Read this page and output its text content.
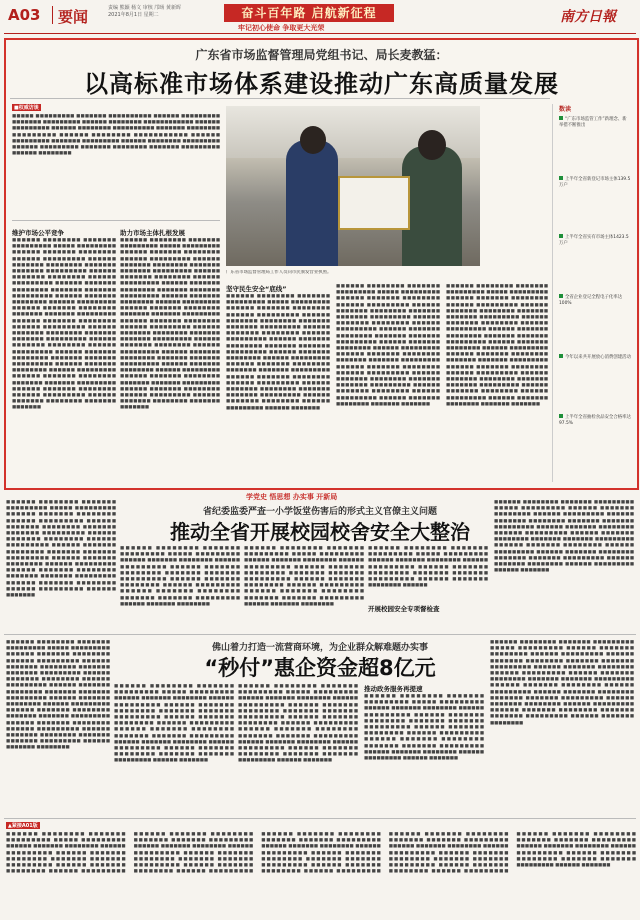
A03 要闻	责编 熊颖 杨文 审核 邝旸 黄新晖
2021年8月1日 星期二	奋斗百年路 启航新征程
牢记初心使命 争取更大光荣
南方日報
广东省市场监督管理局党组书记、局长麦教猛：
以高标准市场体系建设推动广东高质量发展
■权威访谈
■■■■■ ■■■■■■■■■ ■■■■■■■ ■■■■■■■■■■ ■■■■■■ ■■■■■■■■■ ■■■■■■■ ■■■■■■■■■ ■■■■■■ ■■■■■■■■ ■■■■■■■■■■■■ ■■■■■■ ■■■■■■■■■ ■■■■■■ ■■■■■■■■ ■■■■■■■■■■ ■■■■■■■ ■■■■■■■■ ■■■■■■■■■ ■■■■■■ ■■■■■■■■ ■■■■■■■■■■■ ■■■■■■ ■■■■■■■■■ ■■■■■■■ ■■■■■■■■■ ■■■■■■ ■■■■■■■■ ■■■■■■■■■ ■■■■■■ ■■■■■■■■■ ■■■■■■■ ■■■■■■■■ ■■■■■■■ ■■■■■■■■■ ■■■■■■ ■■■■■■■■
广东省市场监督管理局工作人员向市民颁发营业执照。
数读
“广东市场监管工作”新理念、新举措不断推出
上半年全省新登记市场主体139.5万户
上半年全省实有市场主体1423.5万户
全省企业登记全程电子化率达100%
今年以来共开展放心消费创建活动
上半年全省抽检食品安全合格率达97.5%
维护市场公平竞争
■■■■■■ ■■■■■■■■ ■■■■■■■ ■■■■■■■■■ ■■■■■ ■■■■■■■■■ ■■■■■■ ■■■■■■■ ■■■■■■■■ ■■■■■■ ■■■■■■■■■ ■■■■■■ ■■■■■■■ ■■■■■■■■ ■■■■■■■ ■■■■■■■ ■■■■■■■■■ ■■■■■■ ■■■■■■■ ■■■■■■■■ ■■■■■■ ■■■■■■■■■ ■■■■■■ ■■■■■■■ ■■■■■■■■ ■■■■■■■ ■■■■■■■ ■■■■■■■■■ ■■■■■■ ■■■■■■■ ■■■■■■■■ ■■■■■■ ■■■■■■■■■ ■■■■■■ ■■■■■■■ ■■■■■■■■ ■■■■■■■ ■■■■■■■ ■■■■■■■■■ ■■■■■■ ■■■■■■■ ■■■■■■■■ ■■■■■■ ■■■■■■■■■ ■■■■■■ ■■■■■■■ ■■■■■■■■ ■■■■■■■ ■■■■■■■ ■■■■■■■■■ ■■■■■■ ■■■■■■■ ■■■■■■■■ ■■■■■■ ■■■■■■■■■ ■■■■■■ ■■■■■■■ ■■■■■■■■ ■■■■■■■ ■■■■■■■ ■■■■■■■■■ ■■■■■■ ■■■■■■■ ■■■■■■■■ ■■■■■■ ■■■■■■■■■ ■■■■■■ ■■■■■■■ ■■■■■■■■ ■■■■■■■ ■■■■■■■ ■■■■■■■■■ ■■■■■■ ■■■■■■■ ■■■■■■■■ ■■■■■■ ■■■■■■■■■ ■■■■■■ ■■■■■■■ ■■■■■■■■ ■■■■■■■ ■■■■■■■
助力市场主体扎根发展
■■■■■■ ■■■■■■■■ ■■■■■■■ ■■■■■■■■■ ■■■■■ ■■■■■■■■■ ■■■■■■ ■■■■■■■ ■■■■■■■■ ■■■■■■ ■■■■■■■■■ ■■■■■■ ■■■■■■■ ■■■■■■■■ ■■■■■■■ ■■■■■■■ ■■■■■■■■■ ■■■■■■ ■■■■■■■ ■■■■■■■■ ■■■■■■ ■■■■■■■■■ ■■■■■■ ■■■■■■■ ■■■■■■■■ ■■■■■■■ ■■■■■■■ ■■■■■■■■■ ■■■■■■ ■■■■■■■ ■■■■■■■■ ■■■■■■ ■■■■■■■■■ ■■■■■■ ■■■■■■■ ■■■■■■■■ ■■■■■■■ ■■■■■■■ ■■■■■■■■■ ■■■■■■ ■■■■■■■ ■■■■■■■■ ■■■■■■ ■■■■■■■■■ ■■■■■■ ■■■■■■■ ■■■■■■■■ ■■■■■■■ ■■■■■■■ ■■■■■■■■■ ■■■■■■ ■■■■■■■ ■■■■■■■■ ■■■■■■ ■■■■■■■■■ ■■■■■■ ■■■■■■■ ■■■■■■■■ ■■■■■■■ ■■■■■■■ ■■■■■■■■■ ■■■■■■ ■■■■■■■ ■■■■■■■■ ■■■■■■ ■■■■■■■■■ ■■■■■■ ■■■■■■■ ■■■■■■■■ ■■■■■■■ ■■■■■■■ ■■■■■■■■■ ■■■■■■ ■■■■■■■ ■■■■■■■■ ■■■■■■ ■■■■■■■■■ ■■■■■■ ■■■■■■■ ■■■■■■■■ ■■■■■■■ ■■■■■■■
坚守民生安全“底线”
■■■■■■ ■■■■■■■■ ■■■■■■■ ■■■■■■■■■ ■■■■■ ■■■■■■■■■ ■■■■■■ ■■■■■■■ ■■■■■■■■ ■■■■■■ ■■■■■■■■■ ■■■■■■ ■■■■■■■ ■■■■■■■■ ■■■■■■■ ■■■■■■■ ■■■■■■■■■ ■■■■■■ ■■■■■■■ ■■■■■■■■ ■■■■■■ ■■■■■■■■■ ■■■■■■ ■■■■■■■ ■■■■■■■■ ■■■■■■■ ■■■■■■■ ■■■■■■■■■ ■■■■■■ ■■■■■■■ ■■■■■■■■ ■■■■■■ ■■■■■■■■■ ■■■■■■ ■■■■■■■ ■■■■■■■■ ■■■■■■■ ■■■■■■■ ■■■■■■■■■ ■■■■■■ ■■■■■■■ ■■■■■■■■ ■■■■■■ ■■■■■■■■■ ■■■■■■ ■■■■■■■ ■■■■■■■■ ■■■■■■■ ■■■■■■■ ■■■■■■■■■ ■■■■■■ ■■■■■■■ ■■■■■■■■ ■■■■■■ ■■■■■■■■■ ■■■■■■ ■■■■■■■
■■■■■■ ■■■■■■■■ ■■■■■■■ ■■■■■■■■■ ■■■■■ ■■■■■■■■■ ■■■■■■ ■■■■■■■ ■■■■■■■■ ■■■■■■ ■■■■■■■■■ ■■■■■■ ■■■■■■■ ■■■■■■■■ ■■■■■■■ ■■■■■■■ ■■■■■■■■■ ■■■■■■ ■■■■■■■ ■■■■■■■■ ■■■■■■ ■■■■■■■■■ ■■■■■■ ■■■■■■■ ■■■■■■■■ ■■■■■■■ ■■■■■■■ ■■■■■■■■■ ■■■■■■ ■■■■■■■ ■■■■■■■■ ■■■■■■ ■■■■■■■■■ ■■■■■■ ■■■■■■■ ■■■■■■■■ ■■■■■■■ ■■■■■■■ ■■■■■■■■■ ■■■■■■ ■■■■■■■ ■■■■■■■■ ■■■■■■ ■■■■■■■■■ ■■■■■■ ■■■■■■■ ■■■■■■■■ ■■■■■■■ ■■■■■■■ ■■■■■■■■■ ■■■■■■ ■■■■■■■ ■■■■■■■■ ■■■■■■ ■■■■■■■■■ ■■■■■■ ■■■■■■■ ■■■■■■■■ ■■■■■■■ ■■■■■■■
■■■■■■ ■■■■■■■■ ■■■■■■■ ■■■■■■■■■ ■■■■■ ■■■■■■■■■ ■■■■■■ ■■■■■■■ ■■■■■■■■ ■■■■■■ ■■■■■■■■■ ■■■■■■ ■■■■■■■ ■■■■■■■■ ■■■■■■■ ■■■■■■■ ■■■■■■■■■ ■■■■■■ ■■■■■■■ ■■■■■■■■ ■■■■■■ ■■■■■■■■■ ■■■■■■ ■■■■■■■ ■■■■■■■■ ■■■■■■■ ■■■■■■■ ■■■■■■■■■ ■■■■■■ ■■■■■■■ ■■■■■■■■ ■■■■■■ ■■■■■■■■■ ■■■■■■ ■■■■■■■ ■■■■■■■■ ■■■■■■■ ■■■■■■■ ■■■■■■■■■ ■■■■■■ ■■■■■■■ ■■■■■■■■ ■■■■■■ ■■■■■■■■■ ■■■■■■ ■■■■■■■ ■■■■■■■■ ■■■■■■■ ■■■■■■■ ■■■■■■■■■ ■■■■■■ ■■■■■■■ ■■■■■■■■ ■■■■■■ ■■■■■■■■■ ■■■■■■ ■■■■■■■ ■■■■■■■■ ■■■■■■■ ■■■■■■■
学党史 悟思想 办实事 开新局
省纪委监委严查一小学饭堂伤害后的形式主义官僚主义问题
推动全省开展校园校舍安全大整治
■■■■■■ ■■■■■■■■ ■■■■■■■ ■■■■■■■■■ ■■■■■ ■■■■■■■■■ ■■■■■■ ■■■■■■■ ■■■■■■■■ ■■■■■■ ■■■■■■■■■ ■■■■■■ ■■■■■■■ ■■■■■■■■ ■■■■■■■ ■■■■■■■ ■■■■■■■■■ ■■■■■■ ■■■■■■■ ■■■■■■■■ ■■■■■■ ■■■■■■■■■ ■■■■■■ ■■■■■■■ ■■■■■■■■ ■■■■■■■ ■■■■■■■ ■■■■■■■■■ ■■■■■■ ■■■■■■■ ■■■■■■■■ ■■■■■■ ■■■■■■■■■ ■■■■■■ ■■■■■■■ ■■■■■■■■ ■■■■■■■ ■■■■■■■ ■■■■■■■■■ ■■■■■■ ■■■■■■■ ■■■■■■■■ ■■■■■■ ■■■■■■■■■ ■■■■■■ ■■■■■■■
■■■■■■ ■■■■■■■■ ■■■■■■■ ■■■■■■■■■ ■■■■■ ■■■■■■■■■ ■■■■■■ ■■■■■■■ ■■■■■■■■ ■■■■■■ ■■■■■■■■■ ■■■■■■ ■■■■■■■ ■■■■■■■■ ■■■■■■■ ■■■■■■■ ■■■■■■■■■ ■■■■■■ ■■■■■■■ ■■■■■■■■ ■■■■■■ ■■■■■■■■■ ■■■■■■ ■■■■■■■ ■■■■■■■■ ■■■■■■■ ■■■■■■■ ■■■■■■■■■ ■■■■■■ ■■■■■■■ ■■■■■■■■
■■■■■■ ■■■■■■■■ ■■■■■■■ ■■■■■■■■■ ■■■■■ ■■■■■■■■■ ■■■■■■ ■■■■■■■ ■■■■■■■■ ■■■■■■ ■■■■■■■■■ ■■■■■■ ■■■■■■■ ■■■■■■■■ ■■■■■■■ ■■■■■■■ ■■■■■■■■■ ■■■■■■ ■■■■■■■ ■■■■■■■■ ■■■■■■ ■■■■■■■■■ ■■■■■■ ■■■■■■■ ■■■■■■■■ ■■■■■■■ ■■■■■■■ ■■■■■■■■■ ■■■■■■ ■■■■■■■ ■■■■■■■■
开展校园安全专项督检查
■■■■■■ ■■■■■■■■ ■■■■■■■ ■■■■■■■■■ ■■■■■ ■■■■■■■■■ ■■■■■■ ■■■■■■■ ■■■■■■■■ ■■■■■■ ■■■■■■■■■ ■■■■■■ ■■■■■■■ ■■■■■■■■ ■■■■■■■ ■■■■■■■ ■■■■■■■■■ ■■■■■■ ■■■■■■■ ■■■■■■■■ ■■■■■■
■■■■■■ ■■■■■■■■ ■■■■■■■ ■■■■■■■■■ ■■■■■ ■■■■■■■■■ ■■■■■■ ■■■■■■■ ■■■■■■■■ ■■■■■■ ■■■■■■■■■ ■■■■■■ ■■■■■■■ ■■■■■■■■ ■■■■■■■ ■■■■■■■ ■■■■■■■■■ ■■■■■■ ■■■■■■■ ■■■■■■■■ ■■■■■■ ■■■■■■■■■ ■■■■■■ ■■■■■■■ ■■■■■■■■ ■■■■■■■ ■■■■■■■ ■■■■■■■■■ ■■■■■■ ■■■■■■■ ■■■■■■■■ ■■■■■■ ■■■■■■■■■ ■■■■■■ ■■■■■■■ ■■■■■■■■ ■■■■■■■ ■■■■■■■ ■■■■■■■■■ ■■■■■■ ■■■■■■■ ■■■■■■■■ ■■■■■■ ■■■■■■■■■ ■■■■■■ ■■■■■■■
佛山着力打造一流营商环境，为企业群众解难题办实事
“秒付”惠企资金超8亿元
■■■■■■ ■■■■■■■■ ■■■■■■■ ■■■■■■■■■ ■■■■■ ■■■■■■■■■ ■■■■■■ ■■■■■■■ ■■■■■■■■ ■■■■■■ ■■■■■■■■■ ■■■■■■ ■■■■■■■ ■■■■■■■■ ■■■■■■■ ■■■■■■■ ■■■■■■■■■ ■■■■■■ ■■■■■■■ ■■■■■■■■ ■■■■■■ ■■■■■■■■■ ■■■■■■ ■■■■■■■ ■■■■■■■■ ■■■■■■■ ■■■■■■■ ■■■■■■■■■ ■■■■■■ ■■■■■■■ ■■■■■■■■ ■■■■■■ ■■■■■■■■■ ■■■■■■ ■■■■■■■ ■■■■■■■■ ■■■■■■■ ■■■■■■■ ■■■■■■■■■ ■■■■■■ ■■■■■■■ ■■■■■■■■ ■■■■■■ ■■■■■■■■■ ■■■■■■ ■■■■■■■ ■■■■■■■■ ■■■■■■■ ■■■■■■■ ■■■■■■■■■ ■■■■■■ ■■■■■■■ ■■■■■■■■
■■■■■■ ■■■■■■■■ ■■■■■■■ ■■■■■■■■■ ■■■■■ ■■■■■■■■■ ■■■■■■ ■■■■■■■ ■■■■■■■■ ■■■■■■ ■■■■■■■■■ ■■■■■■ ■■■■■■■ ■■■■■■■■ ■■■■■■■ ■■■■■■■ ■■■■■■■■■ ■■■■■■ ■■■■■■■ ■■■■■■■■ ■■■■■■ ■■■■■■■■■ ■■■■■■ ■■■■■■■ ■■■■■■■■ ■■■■■■■ ■■■■■■■ ■■■■■■■■■ ■■■■■■ ■■■■■■■ ■■■■■■■■ ■■■■■■ ■■■■■■■■■ ■■■■■■ ■■■■■■■ ■■■■■■■■ ■■■■■■■ ■■■■■■■ ■■■■■■■■■ ■■■■■■ ■■■■■■■
■■■■■■ ■■■■■■■■ ■■■■■■■ ■■■■■■■■■ ■■■■■ ■■■■■■■■■ ■■■■■■ ■■■■■■■ ■■■■■■■■ ■■■■■■ ■■■■■■■■■ ■■■■■■ ■■■■■■■ ■■■■■■■■ ■■■■■■■ ■■■■■■■ ■■■■■■■■■ ■■■■■■ ■■■■■■■ ■■■■■■■■ ■■■■■■ ■■■■■■■■■ ■■■■■■ ■■■■■■■ ■■■■■■■■ ■■■■■■■ ■■■■■■■ ■■■■■■■■■ ■■■■■■ ■■■■■■■ ■■■■■■■■ ■■■■■■ ■■■■■■■■■ ■■■■■■ ■■■■■■■ ■■■■■■■■ ■■■■■■■ ■■■■■■■ ■■■■■■■■■ ■■■■■■ ■■■■■■■
推动政务服务再提速
■■■■■■ ■■■■■■■■ ■■■■■■■ ■■■■■■■■■ ■■■■■ ■■■■■■■■■ ■■■■■■ ■■■■■■■ ■■■■■■■■ ■■■■■■ ■■■■■■■■■ ■■■■■■ ■■■■■■■ ■■■■■■■■ ■■■■■■■ ■■■■■■■ ■■■■■■■■■ ■■■■■■ ■■■■■■■ ■■■■■■■■ ■■■■■■ ■■■■■■■■■ ■■■■■■ ■■■■■■■ ■■■■■■■■ ■■■■■■■ ■■■■■■■ ■■■■■■■■■ ■■■■■■ ■■■■■■■ ■■■■■■■■ ■■■■■■ ■■■■■■■■■ ■■■■■■ ■■■■■■■
■■■■■■ ■■■■■■■■ ■■■■■■■ ■■■■■■■■■ ■■■■■ ■■■■■■■■■ ■■■■■■ ■■■■■■■ ■■■■■■■■ ■■■■■■ ■■■■■■■■■ ■■■■■■ ■■■■■■■ ■■■■■■■■ ■■■■■■■ ■■■■■■■ ■■■■■■■■■ ■■■■■■ ■■■■■■■ ■■■■■■■■ ■■■■■■ ■■■■■■■■■ ■■■■■■ ■■■■■■■ ■■■■■■■■ ■■■■■■■ ■■■■■■■ ■■■■■■■■■ ■■■■■■ ■■■■■■■ ■■■■■■■■ ■■■■■■ ■■■■■■■■■ ■■■■■■ ■■■■■■■ ■■■■■■■■ ■■■■■■■ ■■■■■■■ ■■■■■■■■■ ■■■■■■ ■■■■■■■ ■■■■■■■■ ■■■■■■ ■■■■■■■■■ ■■■■■■ ■■■■■■■ ■■■■■■■■ ■■■■■■■ ■■■■■■■ ■■■■■■■■■ ■■■■■■ ■■■■■■■ ■■■■■■■■
▲紧接A01版
■■■■■■ ■■■■■■■■ ■■■■■■■ ■■■■■■■■■ ■■■■■ ■■■■■■■■■ ■■■■■■ ■■■■■■■ ■■■■■■■■ ■■■■■■ ■■■■■■■■■ ■■■■■■ ■■■■■■■ ■■■■■■■■ ■■■■■■■ ■■■■■■■ ■■■■■■■■■ ■■■■■■ ■■■■■■■ ■■■■■■■■ ■■■■■■ ■■■■■■■■■ ■■■■■■ ■■■■■■■ ■■■■■■■■ ■■■■■■■ ■■■■■■■ ■■■■■■■■■ ■■■■■■ ■■■■■■■ ■■■■■■■■ ■■■■■■ ■■■■■■■■■ ■■■■■■ ■■■■■■■ ■■■■■■■■ ■■■■■■■ ■■■■■■■ ■■■■■■■■■ ■■■■■■ ■■■■■■■ ■■■■■■■■ ■■■■■■ ■■■■■■■■■ ■■■■■■ ■■■■■■■ ■■■■■■■■ ■■■■■■■ ■■■■■■■ ■■■■■■■■■ ■■■■■■ ■■■■■■■ ■■■■■■■■ ■■■■■■ ■■■■■■■■■ ■■■■■■ ■■■■■■■ ■■■■■■■■ ■■■■■■■ ■■■■■■■ ■■■■■■■■■ ■■■■■■ ■■■■■■■ ■■■■■■■■ ■■■■■■ ■■■■■■■■■ ■■■■■■ ■■■■■■■ ■■■■■■■■ ■■■■■■■ ■■■■■■■ ■■■■■■■■■ ■■■■■■ ■■■■■■■ ■■■■■■■■ ■■■■■■ ■■■■■■■■■ ■■■■■■ ■■■■■■■ ■■■■■■■■ ■■■■■■■ ■■■■■■■ ■■■■■■■■■ ■■■■■■ ■■■■■■■ ■■■■■■■■ ■■■■■■ ■■■■■■■■■ ■■■■■■ ■■■■■■■ ■■■■■■■■ ■■■■■■■ ■■■■■■■ ■■■■■■■■■ ■■■■■■ ■■■■■■■ ■■■■■■■■ ■■■■■■ ■■■■■■■■■ ■■■■■■ ■■■■■■■ ■■■■■■■■ ■■■■■■■ ■■■■■■■ ■■■■■■■■■ ■■■■■■ ■■■■■■■
